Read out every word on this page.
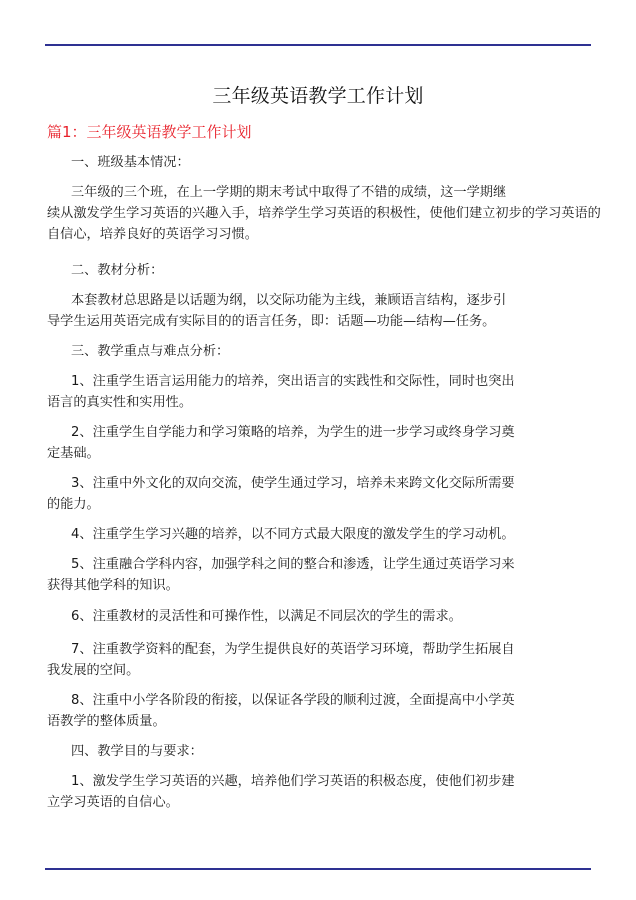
三年级英语教学工作计划
篇1：三年级英语教学工作计划
一、班级基本情况：
三年级的三个班，在上一学期的期末考试中取得了不错的成绩，这一学期继
续从激发学生学习英语的兴趣入手，培养学生学习英语的积极性，使他们建立初步的学习英语的
自信心，培养良好的英语学习习惯。
二、教材分析：
本套教材总思路是以话题为纲，以交际功能为主线，兼顾语言结构，逐步引
导学生运用英语完成有实际目的的语言任务，即：话题—功能—结构—任务。
三、教学重点与难点分析：
1、注重学生语言运用能力的培养，突出语言的实践性和交际性，同时也突出
语言的真实性和实用性。
2、注重学生自学能力和学习策略的培养，为学生的进一步学习或终身学习奠
定基础。
3、注重中外文化的双向交流，使学生通过学习，培养未来跨文化交际所需要
的能力。
4、注重学生学习兴趣的培养，以不同方式最大限度的激发学生的学习动机。
5、注重融合学科内容，加强学科之间的整合和渗透，让学生通过英语学习来
获得其他学科的知识。
6、注重教材的灵活性和可操作性，以满足不同层次的学生的需求。
7、注重教学资料的配套，为学生提供良好的英语学习环境，帮助学生拓展自
我发展的空间。
8、注重中小学各阶段的衔接，以保证各学段的顺利过渡，全面提高中小学英
语教学的整体质量。
四、教学目的与要求：
1、激发学生学习英语的兴趣，培养他们学习英语的积极态度，使他们初步建
立学习英语的自信心。
